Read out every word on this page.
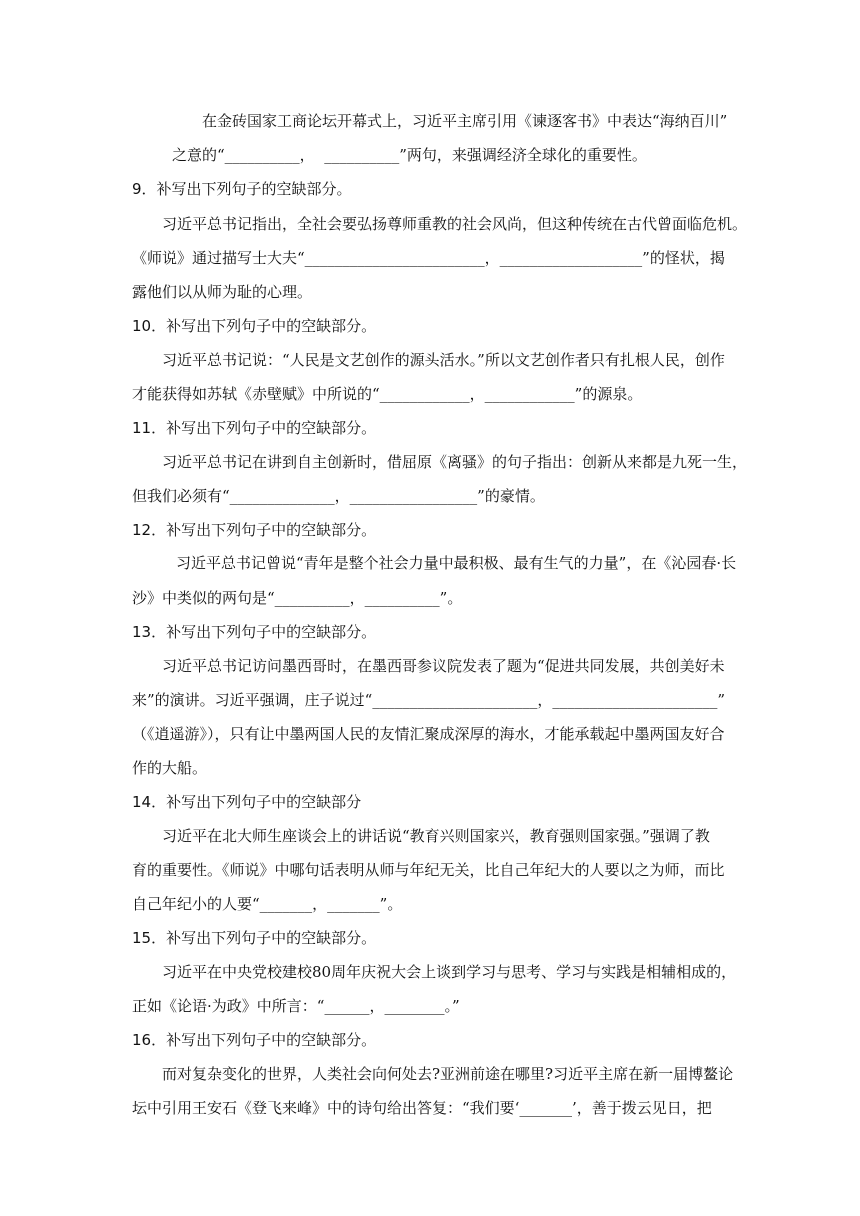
在金砖国家工商论坛开幕式上，习近平主席引用《谏逐客书》中表达“海纳百川”
之意的“__________，  __________”两句，来强调经济全球化的重要性。
9．补写出下列句子的空缺部分。
习近平总书记指出，全社会要弘扬尊师重教的社会风尚，但这种传统在古代曾面临危机。
《师说》通过描写士大夫“________________________，___________________”的怪状，揭
露他们以从师为耻的心理。
10．补写出下列句子中的空缺部分。
习近平总书记说：“人民是文艺创作的源头活水。”所以文艺创作者只有扎根人民，创作
才能获得如苏轼《赤壁赋》中所说的“____________，____________”的源泉。
11．补写出下列句子中的空缺部分。
习近平总书记在讲到自主创新时，借屈原《离骚》的句子指出：创新从来都是九死一生，
但我们必须有“______________，_________________”的豪情。
12．补写出下列句子中的空缺部分。
习近平总书记曾说“青年是整个社会力量中最积极、最有生气的力量”，在《沁园春·长
沙》中类似的两句是“__________，__________”。
13．补写出下列句子中的空缺部分。
习近平总书记访问墨西哥时，在墨西哥参议院发表了题为“促进共同发展，共创美好未
来”的演讲。习近平强调，庄子说过“______________________，______________________”
（《逍遥游》），只有让中墨两国人民的友情汇聚成深厚的海水，才能承载起中墨两国友好合
作的大船。
14．补写出下列句子中的空缺部分
习近平在北大师生座谈会上的讲话说“教育兴则国家兴，教育强则国家强。”强调了教
育的重要性。《师说》中哪句话表明从师与年纪无关，比自己年纪大的人要以之为师，而比
自己年纪小的人要“_______，_______”。
15．补写出下列句子中的空缺部分。
习近平在中央党校建校80周年庆祝大会上谈到学习与思考、学习与实践是相辅相成的，
正如《论语·为政》中所言：“______，________。”
16．补写出下列句子中的空缺部分。
而对复杂变化的世界，人类社会向何处去?亚洲前途在哪里?习近平主席在新一届博鳌论
坛中引用王安石《登飞来峰》中的诗句给出答复：“我们要‘_______’，善于拨云见日，把
